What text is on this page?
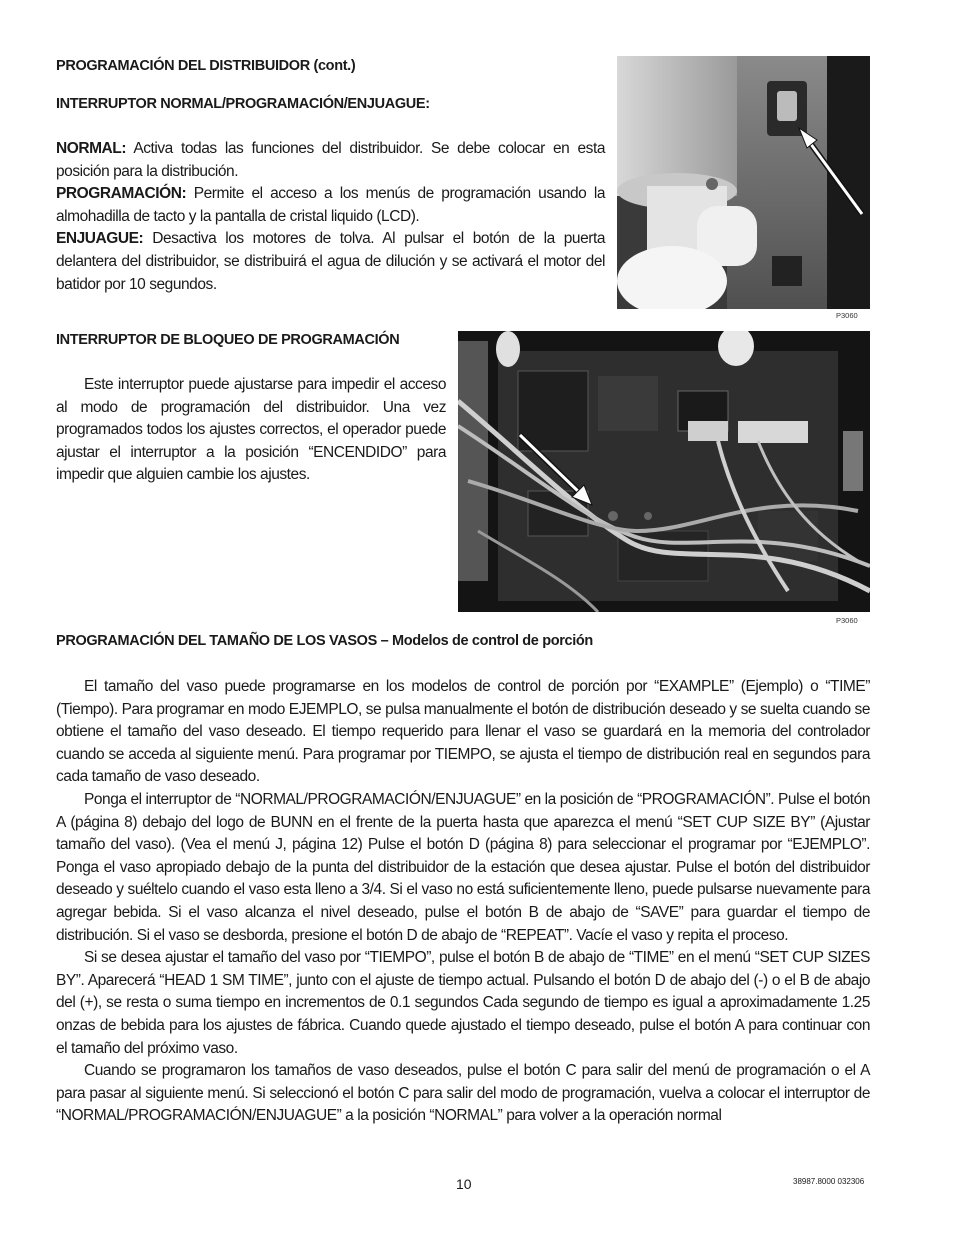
PROGRAMACIÓN DEL DISTRIBUIDOR (cont.)
INTERRUPTOR NORMAL/PROGRAMACIÓN/ENJUAGUE:

NORMAL: Activa todas las funciones del distribuidor. Se debe colocar en esta posición para la distribución.

PROGRAMACIÓN: Permite el acceso a los menús de programación usando la almohadilla de tacto y la pantalla de cristal liquido (LCD).

ENJUAGUE: Desactiva los motores de tolva. Al pulsar el botón de la puerta delantera del distribuidor, se distribuirá el agua de dilución y se activará el motor del batidor por 10 segundos.

P3060
INTERRUPTOR DE BLOQUEO DE PROGRAMACIÓN
Este interruptor puede ajustarse para impedir el acceso al modo de programación del distribuidor. Una vez programados todos los ajustes correctos, el operador puede ajustar el interruptor a la posición “ENCENDIDO” para impedir que alguien cambie los ajustes.
P3060
PROGRAMACIÓN DEL TAMAÑO DE LOS VASOS – Modelos de control de porción

El tamaño del vaso puede programarse en los modelos de control de porción por “EXAMPLE” (Ejemplo) o “TIME” (Tiempo). Para programar en modo EJEMPLO, se pulsa manualmente el botón de distribución deseado y se suelta cuando se obtiene el tamaño del vaso deseado. El tiempo requerido para llenar el vaso se guardará en la memoria del controlador cuando se acceda al siguiente menú. Para programar por TIEMPO, se ajusta el tiempo de distribución real en segundos para cada tamaño de vaso deseado.

Ponga el interruptor de “NORMAL/PROGRAMACIÓN/ENJUAGUE” en la posición de “PROGRAMACIÓN”. Pulse el botón A (página 8) debajo del logo de BUNN en el frente de la puerta hasta que aparezca el menú “SET CUP SIZE BY” (Ajustar tamaño del vaso). (Vea el menú J, página 12) Pulse el botón D (página 8) para seleccionar el programar por “EJEMPLO”. Ponga el vaso apropiado debajo de la punta del distribuidor de la estación que desea ajustar. Pulse el botón del distribuidor deseado y suéltelo cuando el vaso esta lleno a 3/4. Si el vaso no está suficientemente lleno, puede pulsarse nuevamente para agregar bebida. Si el vaso alcanza el nivel deseado, pulse el botón B de abajo de “SAVE” para guardar el tiempo de distribución. Si el vaso se desborda, presione el botón D de abajo de “REPEAT”. Vacíe el vaso y repita el proceso.

Si se desea ajustar el tamaño del vaso por “TIEMPO”, pulse el botón B de abajo de “TIME” en el menú “SET CUP SIZES BY”. Aparecerá “HEAD 1 SM TIME”, junto con el ajuste de tiempo actual. Pulsando el botón D de abajo del (-) o el B de abajo del (+), se resta o suma tiempo en incrementos de 0.1 segundos Cada segundo de tiempo es igual a aproximadamente 1.25 onzas de bebida para los ajustes de fábrica. Cuando quede ajustado el tiempo deseado, pulse el botón A para continuar con el tamaño del próximo vaso.

Cuando se programaron los tamaños de vaso deseados, pulse el botón C para salir del menú de programación o el A para pasar al siguiente menú. Si seleccionó el botón C para salir del modo de programación, vuelva a colocar el interruptor de “NORMAL/PROGRAMACIÓN/ENJUAGUE” a la posición “NORMAL” para volver a la operación normal

10	38987.8000 032306
